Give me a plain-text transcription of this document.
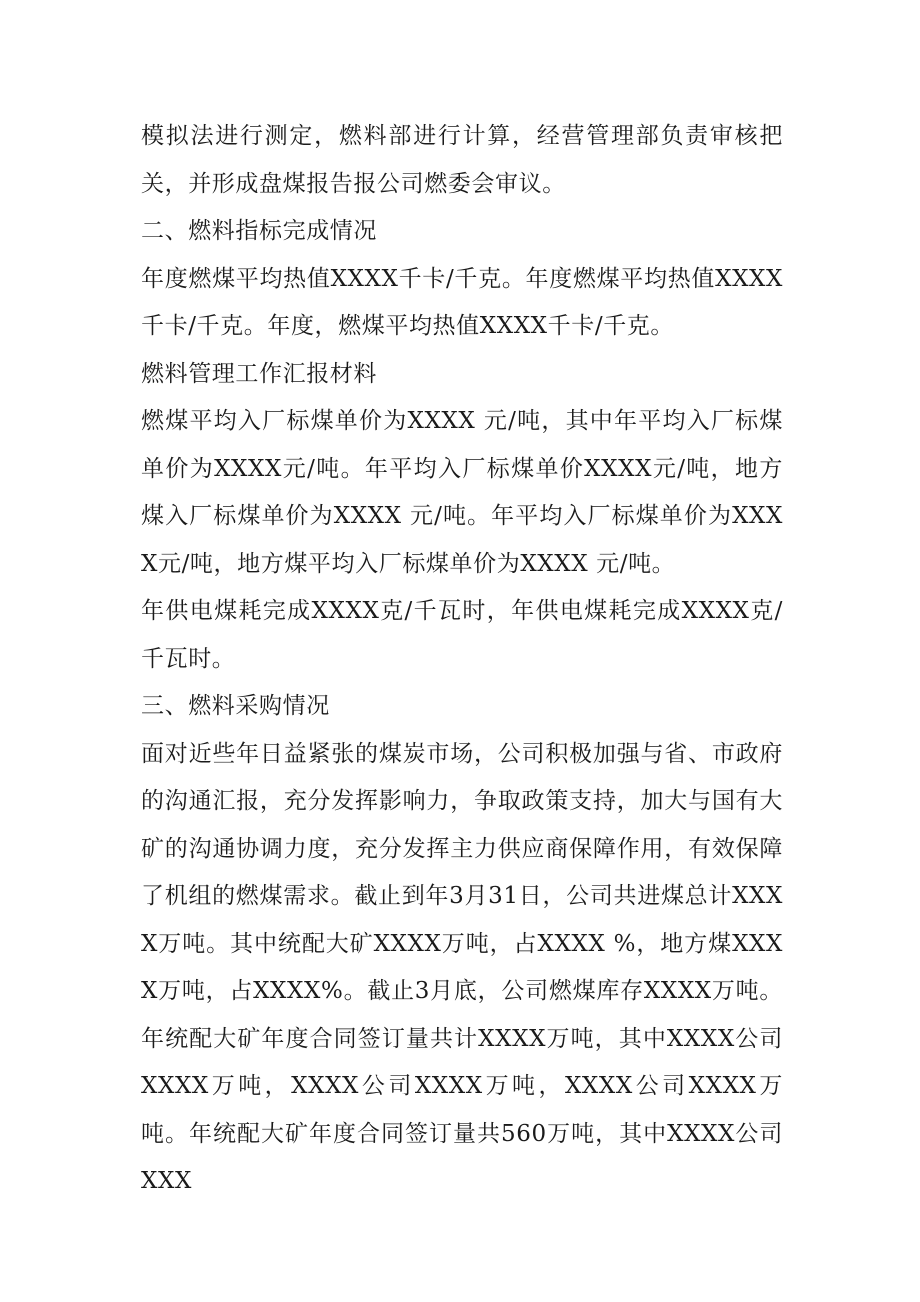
模拟法进行测定，燃料部进行计算，经营管理部负责审核把关，并形成盘煤报告报公司燃委会审议。

二、燃料指标完成情况

年度燃煤平均热值XXXX千卡/千克。年度燃煤平均热值XXXX千卡/千克。年度，燃煤平均热值XXXX千卡/千克。

燃料管理工作汇报材料

燃煤平均入厂标煤单价为XXXX 元/吨，其中年平均入厂标煤单价为XXXX元/吨。年平均入厂标煤单价XXXX元/吨，地方煤入厂标煤单价为XXXX 元/吨。年平均入厂标煤单价为XXXX元/吨，地方煤平均入厂标煤单价为XXXX 元/吨。

年供电煤耗完成XXXX克/千瓦时，年供电煤耗完成XXXX克/千瓦时。

三、燃料采购情况

面对近些年日益紧张的煤炭市场，公司积极加强与省、市政府的沟通汇报，充分发挥影响力，争取政策支持，加大与国有大矿的沟通协调力度，充分发挥主力供应商保障作用，有效保障了机组的燃煤需求。截止到年3月31日，公司共进煤总计XXXX万吨。其中统配大矿XXXX万吨，占XXXX %，地方煤XXXX万吨，占XXXX%。截止3月底，公司燃煤库存XXXX万吨。年统配大矿年度合同签订量共计XXXX万吨，其中XXXX公司XXXX万吨，XXXX公司XXXX万吨，XXXX公司XXXX万吨。年统配大矿年度合同签订量共560万吨，其中XXXX公司XXX
